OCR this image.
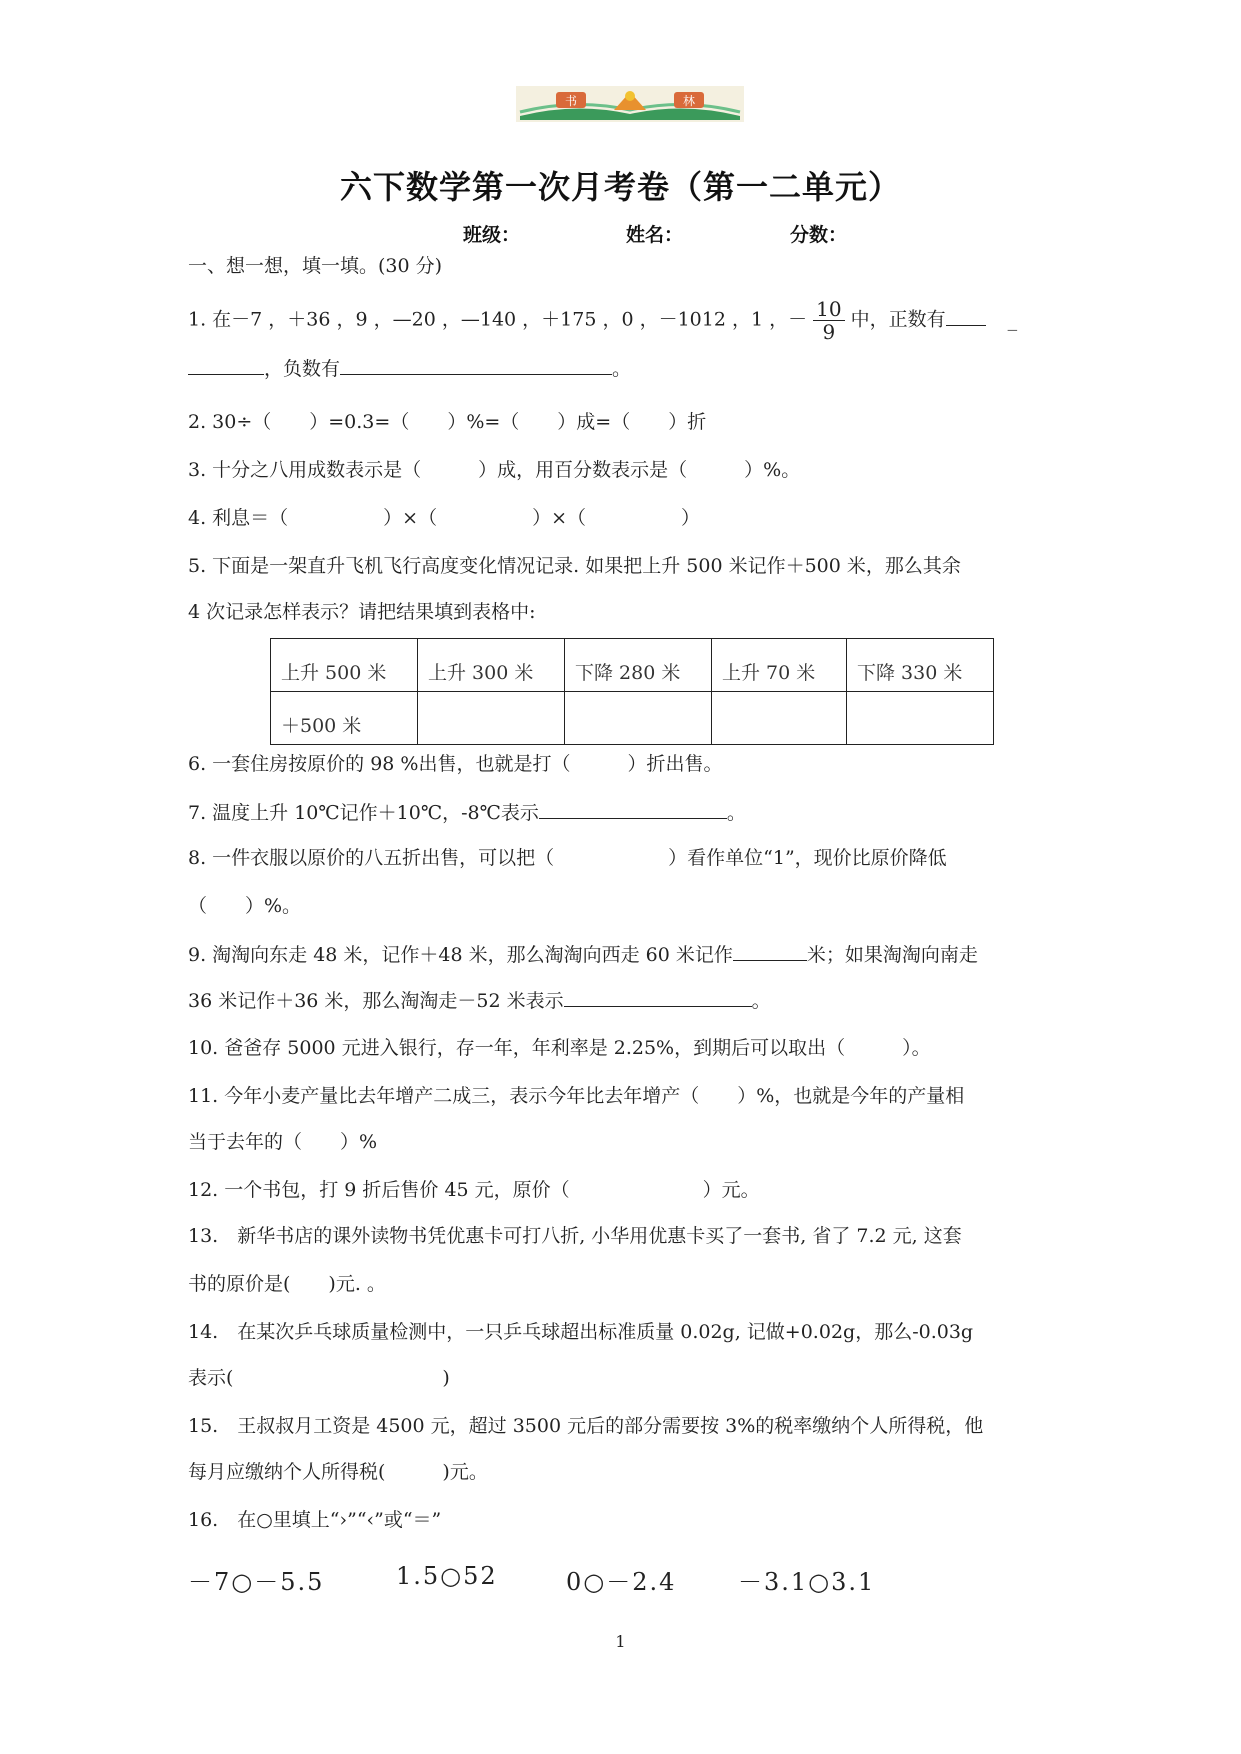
书	林
六下数学第一次月考卷（第一二单元）
班级：	姓名：	分数：
一、想一想，填一填。(30 分)
1. 在－7 ，＋36 ，9 ，—20 ，—140 ，＋175 ，0 ，－1012 ，1 ，－ $\frac{10}{9}$ 中，正数有	_
，负数有	。
2. 30÷（　　）=0.3=（　　）%=（　　）成=（　　）折
3. 十分之八用成数表示是（　　　）成，用百分数表示是（　　　）%。
4. 利息＝（　　　　　）×（　　　　　）×（　　　　　）
5. 下面是一架直升飞机飞行高度变化情况记录. 如果把上升 500 米记作＋500 米，那么其余
4 次记录怎样表示？请把结果填到表格中:
上升 500 米	上升 300 米	下降 280 米	上升 70 米	下降 330 米
＋500 米				
6. 一套住房按原价的 98 %出售，也就是打（　　　）折出售。
7. 温度上升 10℃记作＋10℃，-8℃表示	。
8. 一件衣服以原价的八五折出售，可以把（　　　　　　）看作单位“1”，现价比原价降低
（　　）%。
9. 淘淘向东走 48 米，记作＋48 米，那么淘淘向西走 60 米记作	米；如果淘淘向南走
36 米记作＋36 米，那么淘淘走－52 米表示	。
10. 爸爸存 5000 元进入银行，存一年，年利率是 2.25%，到期后可以取出（　　　）。
11. 今年小麦产量比去年增产二成三，表示今年比去年增产（　　）%，也就是今年的产量相
当于去年的（　　）%
12. 一个书包，打 9 折后售价 45 元，原价（　　　　　　　）元。
13.　新华书店的课外读物书凭优惠卡可打八折, 小华用优惠卡买了一套书, 省了 7.2 元, 这套
书的原价是(　　)元. 。
14.　在某次乒乓球质量检测中，一只乒乓球超出标准质量 0.02g, 记做+0.02g，那么-0.03g
表示(　　　　　　　　　　　)
15.　王叔叔月工资是 4500 元，超过 3500 元后的部分需要按 3%的税率缴纳个人所得税，他
每月应缴纳个人所得税(　　　)元。
16.　在○里填上“›”“‹”或“＝”
－7○－5.5	1.5○52	0○－2.4	－3.1○3.1
1
